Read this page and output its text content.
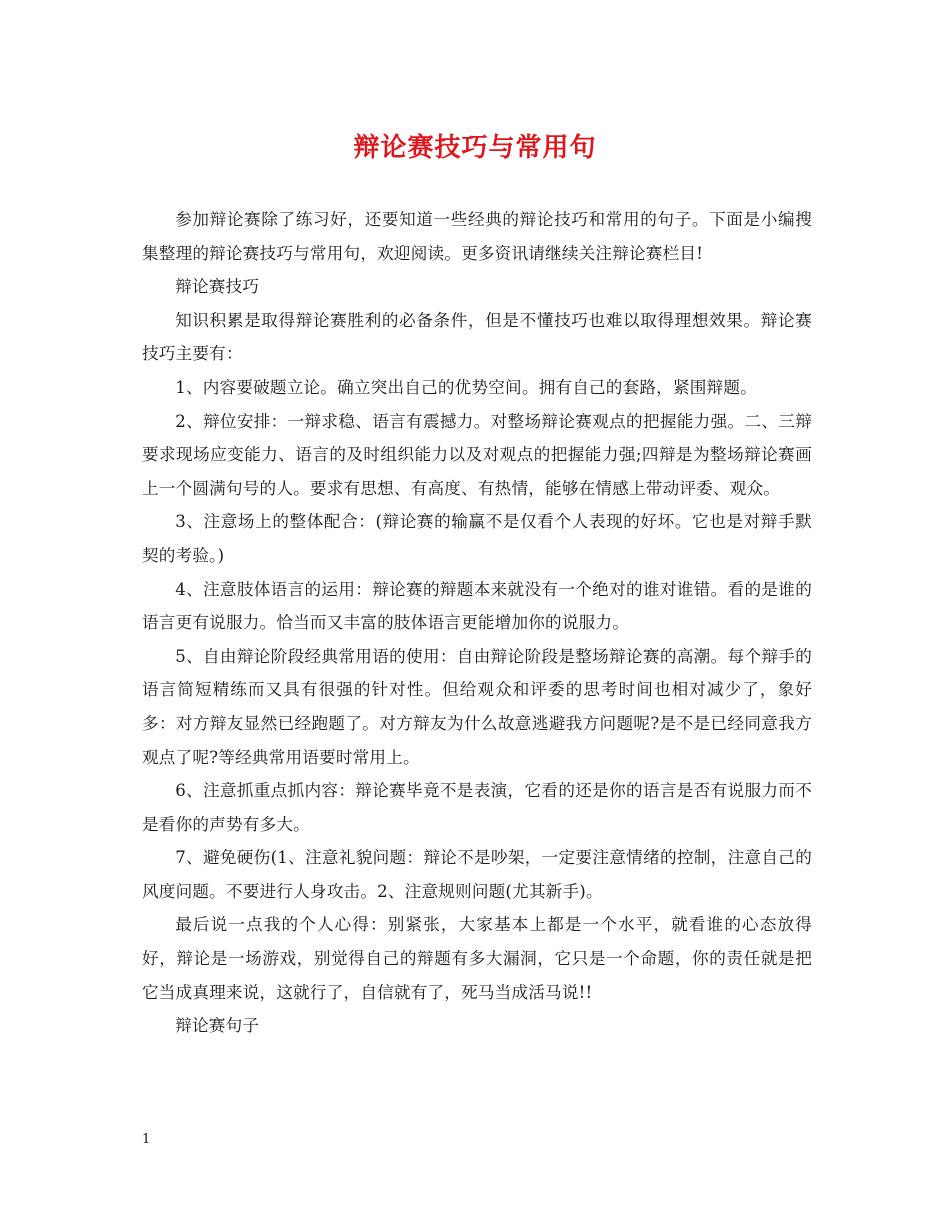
辩论赛技巧与常用句

参加辩论赛除了练习好，还要知道一些经典的辩论技巧和常用的句子。下面是小编搜集整理的辩论赛技巧与常用句，欢迎阅读。更多资讯请继续关注辩论赛栏目!

辩论赛技巧

知识积累是取得辩论赛胜利的必备条件，但是不懂技巧也难以取得理想效果。辩论赛技巧主要有：

1、内容要破题立论。确立突出自己的优势空间。拥有自己的套路，紧围辩题。

2、辩位安排：一辩求稳、语言有震撼力。对整场辩论赛观点的把握能力强。二、三辩要求现场应变能力、语言的及时组织能力以及对观点的把握能力强;四辩是为整场辩论赛画上一个圆满句号的人。要求有思想、有高度、有热情，能够在情感上带动评委、观众。

3、注意场上的整体配合：(辩论赛的输赢不是仅看个人表现的好坏。它也是对辩手默契的考验。)

4、注意肢体语言的运用：辩论赛的辩题本来就没有一个绝对的谁对谁错。看的是谁的语言更有说服力。恰当而又丰富的肢体语言更能增加你的说服力。

5、自由辩论阶段经典常用语的使用：自由辩论阶段是整场辩论赛的高潮。每个辩手的语言简短精练而又具有很强的针对性。但给观众和评委的思考时间也相对减少了，象好多：对方辩友显然已经跑题了。对方辩友为什么故意逃避我方问题呢?是不是已经同意我方观点了呢?等经典常用语要时常用上。

6、注意抓重点抓内容：辩论赛毕竟不是表演，它看的还是你的语言是否有说服力而不是看你的声势有多大。

7、避免硬伤(1、注意礼貌问题：辩论不是吵架，一定要注意情绪的控制，注意自己的风度问题。不要进行人身攻击。2、注意规则问题(尤其新手)。

最后说一点我的个人心得：别紧张，大家基本上都是一个水平，就看谁的心态放得好，辩论是一场游戏，别觉得自己的辩题有多大漏洞，它只是一个命题，你的责任就是把它当成真理来说，这就行了，自信就有了，死马当成活马说!!

辩论赛句子

1
